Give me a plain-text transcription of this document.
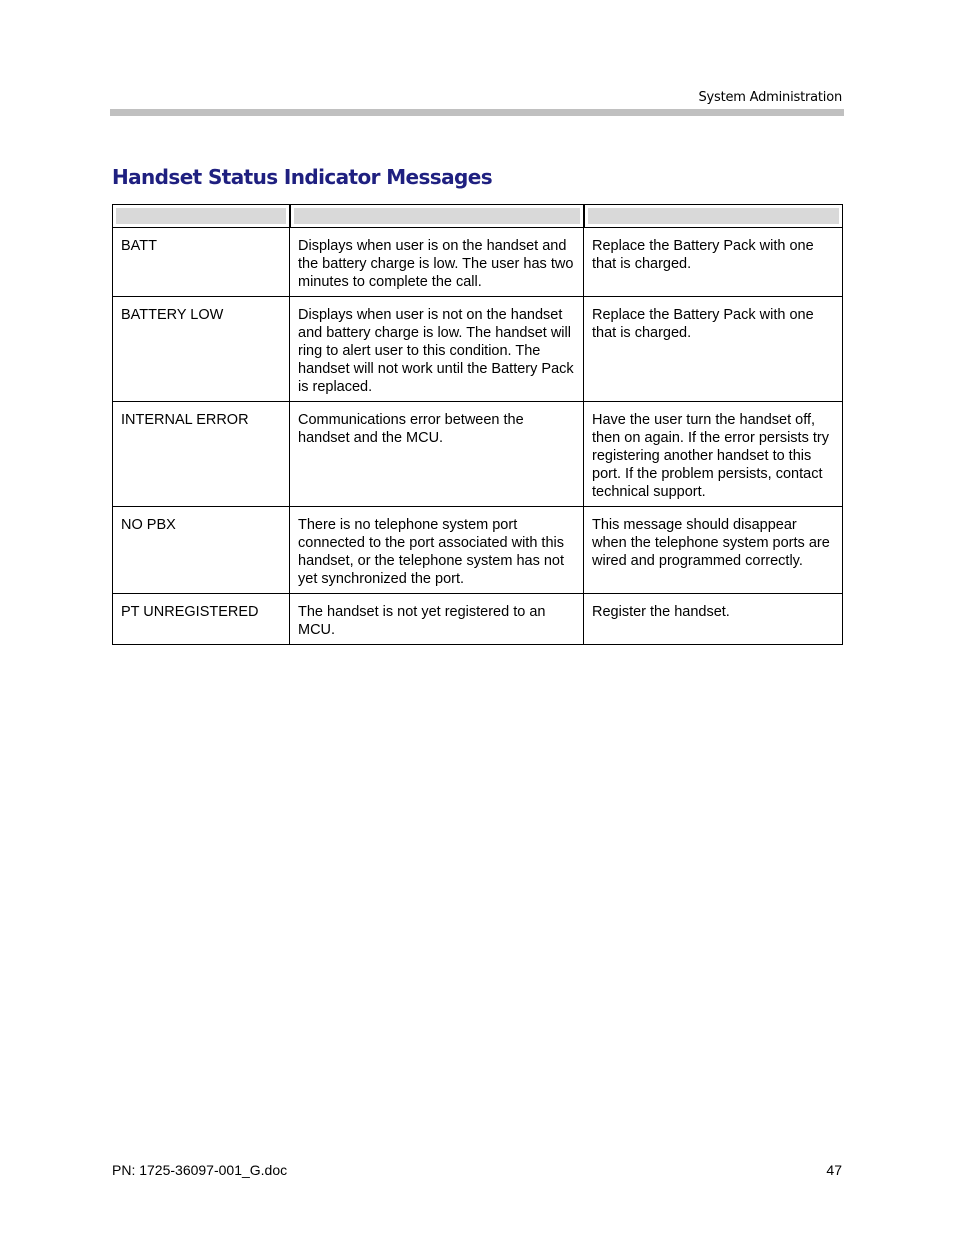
System Administration
Handset Status Indicator Messages

BATT	Displays when user is on the handset and the battery charge is low. The user has two minutes to complete the call.	Replace the Battery Pack with one that is charged.
BATTERY LOW	Displays when user is not on the handset and battery charge is low. The handset will ring to alert user to this condition. The handset will not work until the Battery Pack is replaced.	Replace the Battery Pack with one that is charged.
INTERNAL ERROR	Communications error between the handset and the MCU.	Have the user turn the handset off, then on again. If the error persists try registering another handset to this port. If the problem persists, contact technical support.
NO PBX	There is no telephone system port connected to the port associated with this handset, or the telephone system has not yet synchronized the port.	This message should disappear when the telephone system ports are wired and programmed correctly.
PT UNREGISTERED	The handset is not yet registered to an MCU.	Register the handset.
PN: 1725-36097-001_G.doc	47
